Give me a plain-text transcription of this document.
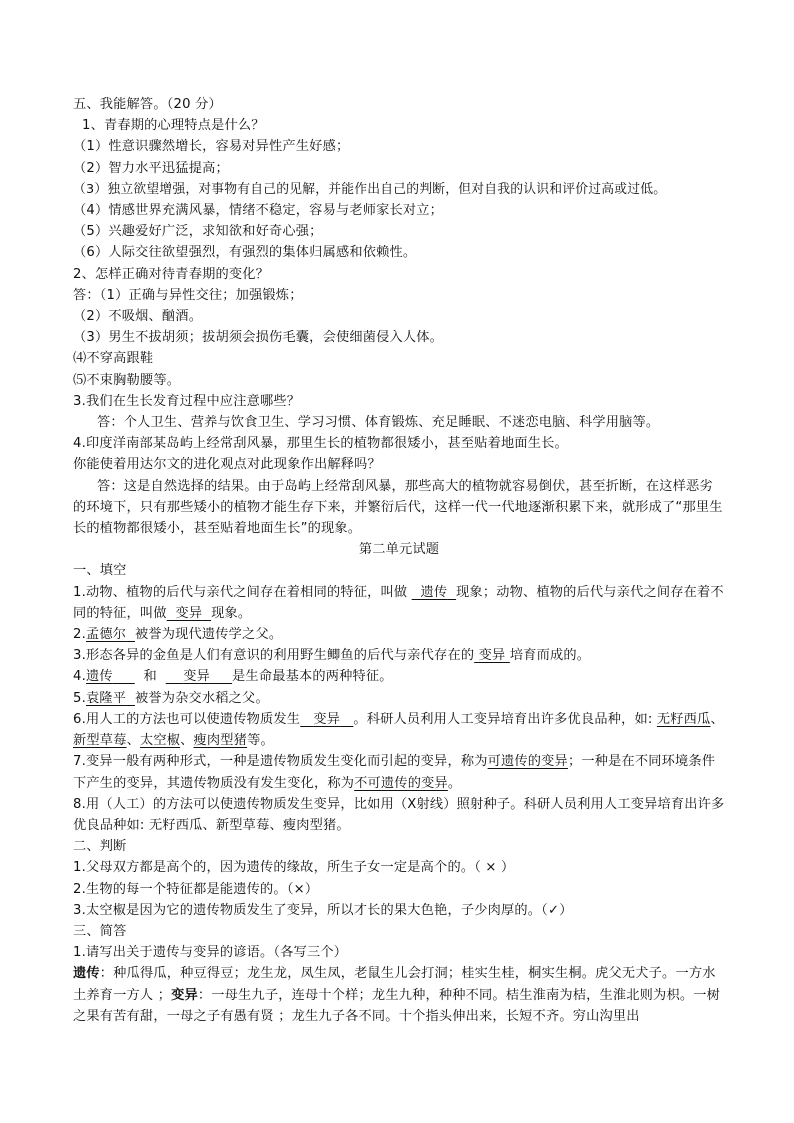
五、我能解答。（20 分）
1、青春期的心理特点是什么？
（1）性意识骤然增长，容易对异性产生好感；
（2）智力水平迅猛提高；
（3）独立欲望增强，对事物有自己的见解，并能作出自己的判断，但对自我的认识和评价过高或过低。
（4）情感世界充满风暴，情绪不稳定，容易与老师家长对立；
（5）兴趣爱好广泛，求知欲和好奇心强；
（6）人际交往欲望强烈，有强烈的集体归属感和依赖性。
2、怎样正确对待青春期的变化？
答：（1）正确与异性交往；加强锻炼；
（2）不吸烟、酗酒。
（3）男生不拔胡须；拔胡须会损伤毛囊，会使细菌侵入人体。
⑷不穿高跟鞋
⑸不束胸勒腰等。
3.我们在生长发育过程中应注意哪些？
答：个人卫生、营养与饮食卫生、学习习惯、体育锻炼、充足睡眠、不迷恋电脑、科学用脑等。
4.印度洋南部某岛屿上经常刮风暴，那里生长的植物都很矮小，甚至贴着地面生长。
你能使着用达尔文的进化观点对此现象作出解释吗？
答：这是自然选择的结果。由于岛屿上经常刮风暴，那些高大的植物就容易倒伏，甚至折断，在这样恶劣的环境下，只有那些矮小的植物才能生存下来，并繁衍后代，这样一代一代地逐渐积累下来，就形成了“那里生长的植物都很矮小，甚至贴着地面生长”的现象。
第二单元试题
一、填空
1.动物、植物的后代与亲代之间存在着相同的特征，叫做   遗传 现象；动物、植物的后代与亲代之间存在着不同的特征，叫做 变异 现象。
2.孟德尔 被誉为现代遗传学之父。
3.形态各异的金鱼是人们有意识的利用野生鲫鱼的后代与亲代存在的 变异 培育而成的。
4.遗传 和 变异 是生命最基本的两种特征。
5.袁隆平 被誉为杂交水稻之父。
6.用人工的方法也可以使遗传物质发生 变异 。科研人员利用人工变异培育出许多优良品种，如: 无籽西瓜、新型草莓、太空椒、瘦肉型猪等。
7.变异一般有两种形式，一种是遗传物质发生变化而引起的变异，称为可遗传的变异；一种是在不同环境条件下产生的变异，其遗传物质没有发生变化，称为不可遗传的变异。
8.用（人工）的方法可以使遗传物质发生变异，比如用（X射线）照射种子。科研人员利用人工变异培育出许多优良品种如: 无籽西瓜、新型草莓、瘦肉型猪。
二、判断
1.父母双方都是高个的，因为遗传的缘故，所生子女一定是高个的。（ × ）
2.生物的每一个特征都是能遗传的。（×）
3.太空椒是因为它的遗传物质发生了变异，所以才长的果大色艳，子少肉厚的。（✓）
三、简答
1.请写出关于遗传与变异的谚语。（各写三个）
遗传：种瓜得瓜，种豆得豆；龙生龙，凤生凤，老鼠生儿会打洞；桂实生桂，桐实生桐。虎父无犬子。一方水土养育一方人 ；变异：一母生九子，连母十个样；龙生九种，种种不同。桔生淮南为桔，生淮北则为枳。一树之果有苦有甜，一母之子有愚有贤 ；龙生九子各不同。十个指头伸出来，长短不齐。穷山沟里出
